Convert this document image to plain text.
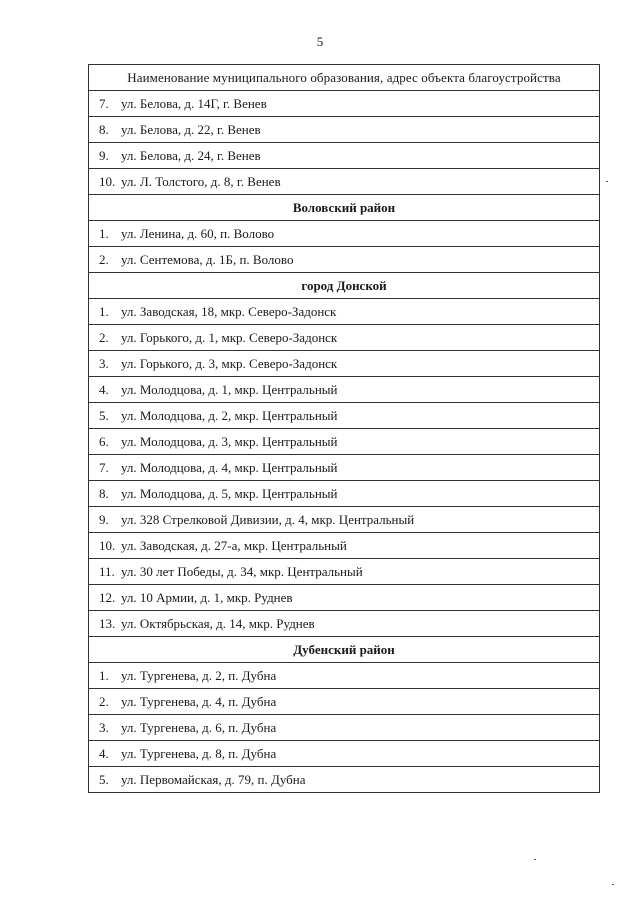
5
Наименование муниципального образования, адрес объекта благоустройства
7. ул. Белова, д. 14Г, г. Венев
8. ул. Белова, д. 22, г. Венев
9. ул. Белова, д. 24, г. Венев
10. ул. Л. Толстого, д. 8, г. Венев
Воловский район
1. ул. Ленина, д. 60, п. Волово
2. ул. Сентемова, д. 1Б, п. Волово
город Донской
1. ул. Заводская, 18, мкр. Северо-Задонск
2. ул. Горького, д. 1, мкр. Северо-Задонск
3. ул. Горького, д. 3, мкр. Северо-Задонск
4. ул. Молодцова, д. 1, мкр. Центральный
5. ул. Молодцова, д. 2, мкр. Центральный
6. ул. Молодцова, д. 3, мкр. Центральный
7. ул. Молодцова, д. 4, мкр. Центральный
8. ул. Молодцова, д. 5, мкр. Центральный
9. ул. 328 Стрелковой Дивизии, д. 4, мкр. Центральный
10. ул. Заводская, д. 27-а, мкр. Центральный
11. ул. 30 лет Победы, д. 34, мкр. Центральный
12. ул. 10 Армии, д. 1, мкр. Руднев
13. ул. Октябрьская, д. 14, мкр. Руднев
Дубенский район
1. ул. Тургенева, д. 2, п. Дубна
2. ул. Тургенева, д. 4, п. Дубна
3. ул. Тургенева, д. 6, п. Дубна
4. ул. Тургенева, д. 8, п. Дубна
5. ул. Первомайская, д. 79, п. Дубна
